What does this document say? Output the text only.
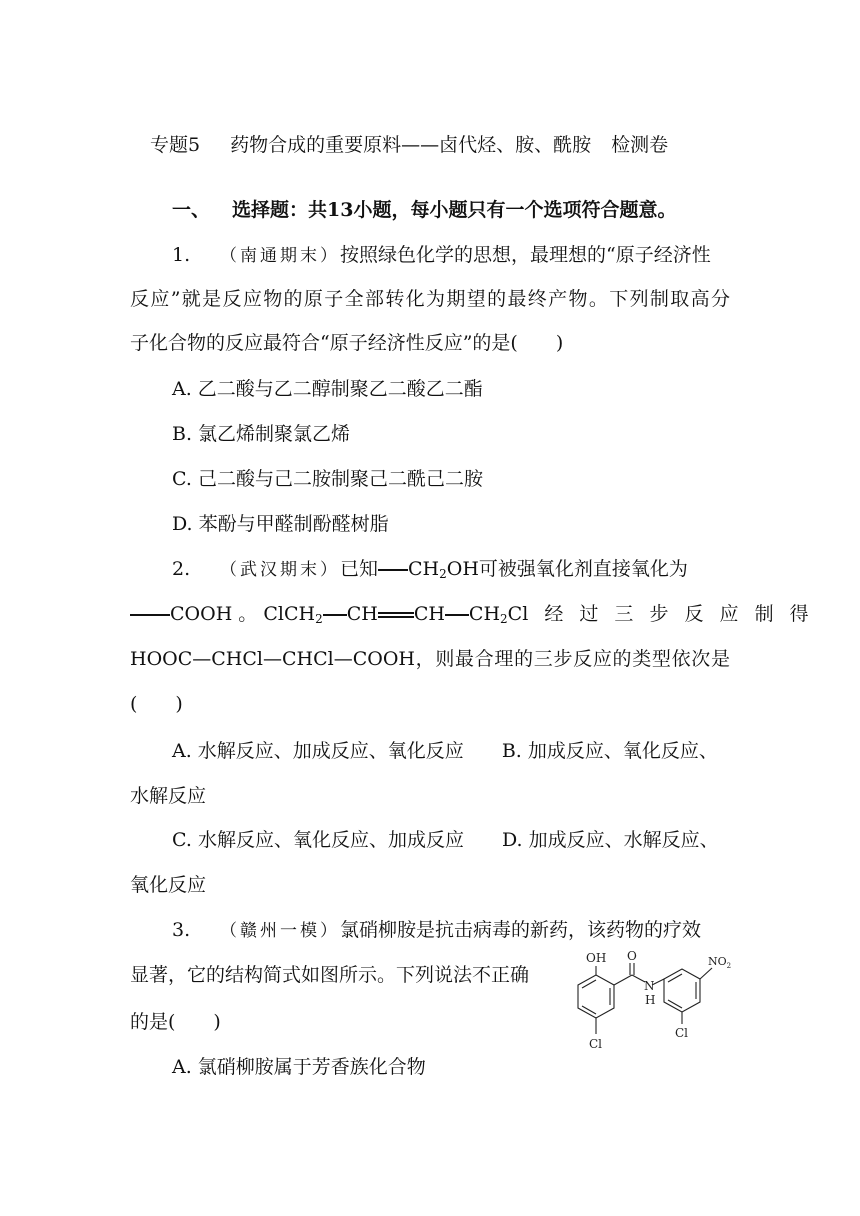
专题5 药物合成的重要原料——卤代烃、胺、酰胺 检测卷
一、 选择题：共13小题，每小题只有一个选项符合题意。
1. （南通期末）按照绿色化学的思想，最理想的“原子经济性
反应”就是反应物的原子全部转化为期望的最终产物。下列制取高分
子化合物的反应最符合“原子经济性反应”的是(　　)
A. 乙二酸与乙二醇制聚乙二酸乙二酯
B. 氯乙烯制聚氯乙烯
C. 己二酸与己二胺制聚己二酰己二胺
D. 苯酚与甲醛制酚醛树脂
2. （武汉期末）已知 $CH_2OH$可被强氧化剂直接氧化为
COOH 。 ClCH$_2$ CH CH $CH_2Cl$ 经 过 三 步 反 应 制 得
HOOC—CHCl—CHCl—COOH，则最合理的三步反应的类型依次是
(　　)
A. 水解反应、加成反应、氧化反应 B. 加成反应、氧化反应、
水解反应
C. 水解反应、氧化反应、加成反应 D. 加成反应、水解反应、
氧化反应
3. （赣州一模）氯硝柳胺是抗击病毒的新药，该药物的疗效
显著，它的结构简式如图所示。下列说法不正确
的是(　　)
A. 氯硝柳胺属于芳香族化合物
OH O
N
H
$NO_2$
Cl
Cl
